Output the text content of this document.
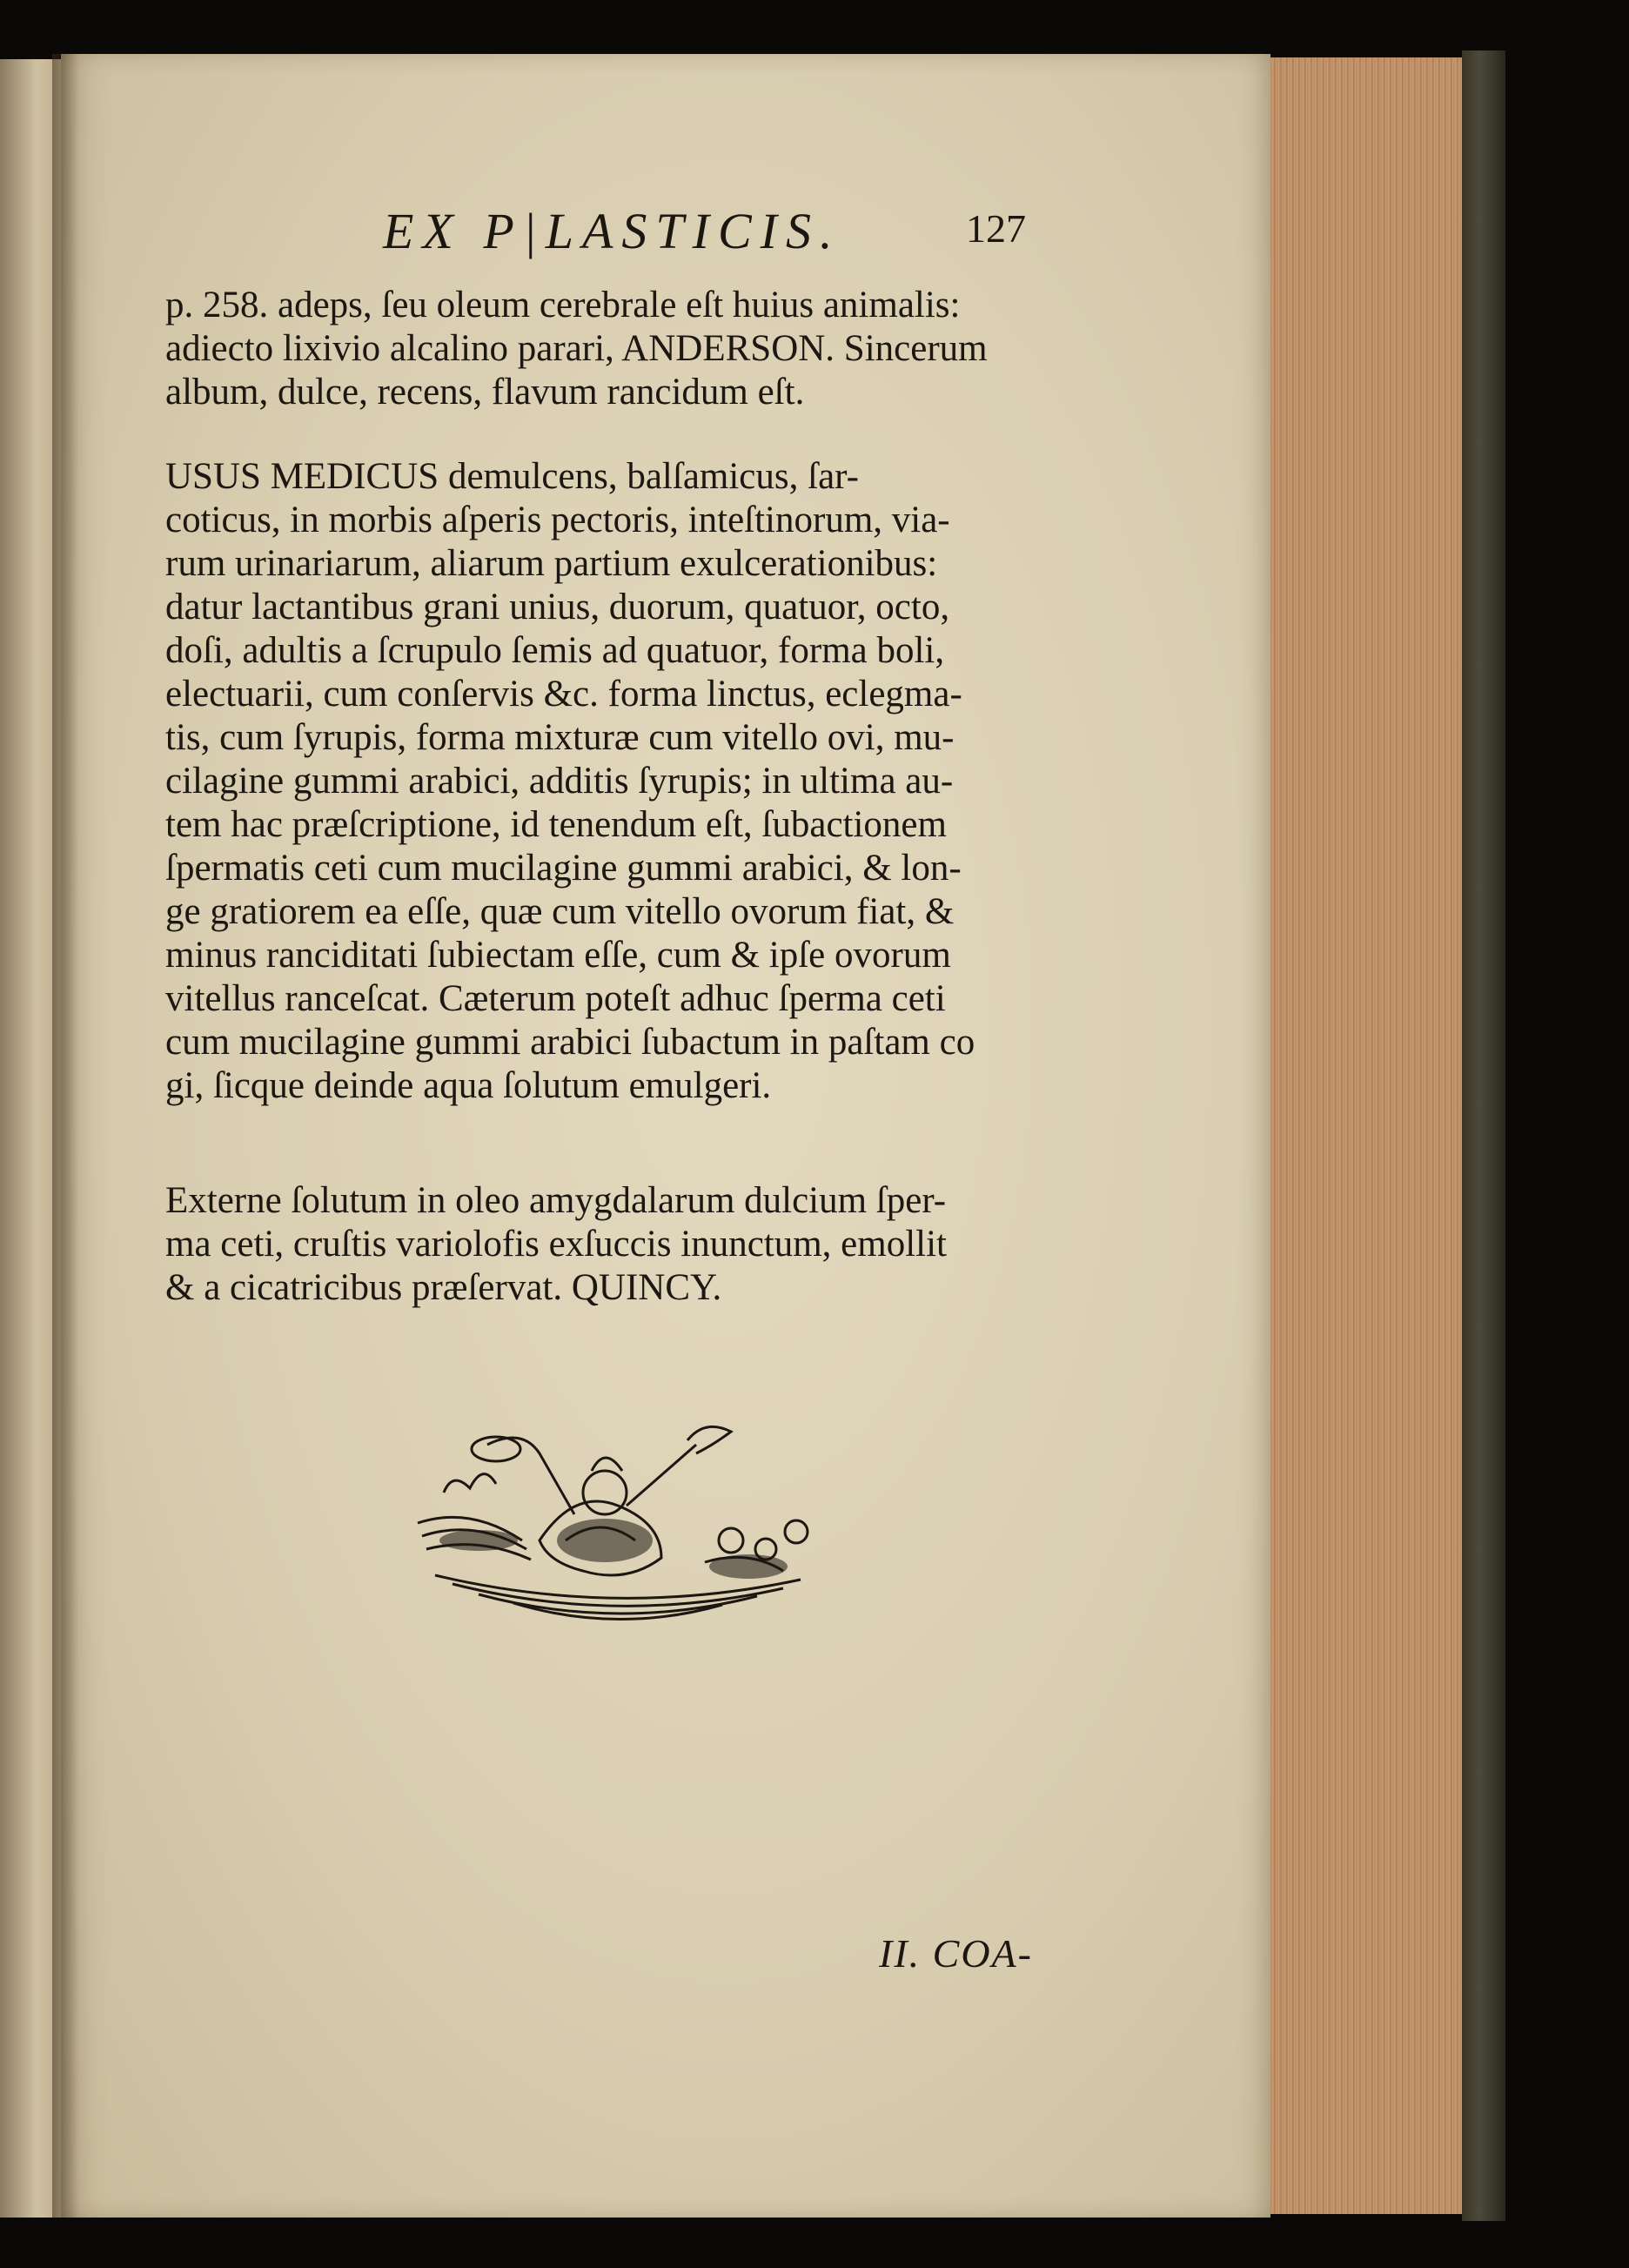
EX P|LASTICIS.	127
p. 258. adeps, ſeu oleum cerebrale eſt huius animalis:
adiecto lixivio alcalino parari, ANDERSON. Sincerum
album, dulce, recens, flavum rancidum eſt.
USUS MEDICUS demulcens, balſamicus, ſar-
coticus, in morbis aſperis pectoris, inteſtinorum, via-
rum urinariarum, aliarum partium exulcerationibus:
datur lactantibus grani unius, duorum, quatuor, octo,
doſi, adultis a ſcrupulo ſemis ad quatuor, forma boli,
electuarii, cum conſervis &c. forma linctus, eclegma-
tis, cum ſyrupis, forma mixturæ cum vitello ovi, mu-
cilagine gummi arabici, additis ſyrupis; in ultima au-
tem hac præſcriptione, id tenendum eſt, ſubactionem
ſpermatis ceti cum mucilagine gummi arabici, & lon-
ge gratiorem ea eſſe, quæ cum vitello ovorum fiat, &
minus ranciditati ſubiectam eſſe, cum & ipſe ovorum
vitellus ranceſcat. Cæterum poteſt adhuc ſperma ceti
cum mucilagine gummi arabici ſubactum in paſtam co
gi, ſicque deinde aqua ſolutum emulgeri.
Externe ſolutum in oleo amygdalarum dulcium ſper-
ma ceti, cruſtis variolofis exſuccis inunctum, emollit
& a cicatricibus præſervat. QUINCY.
II. COA-
